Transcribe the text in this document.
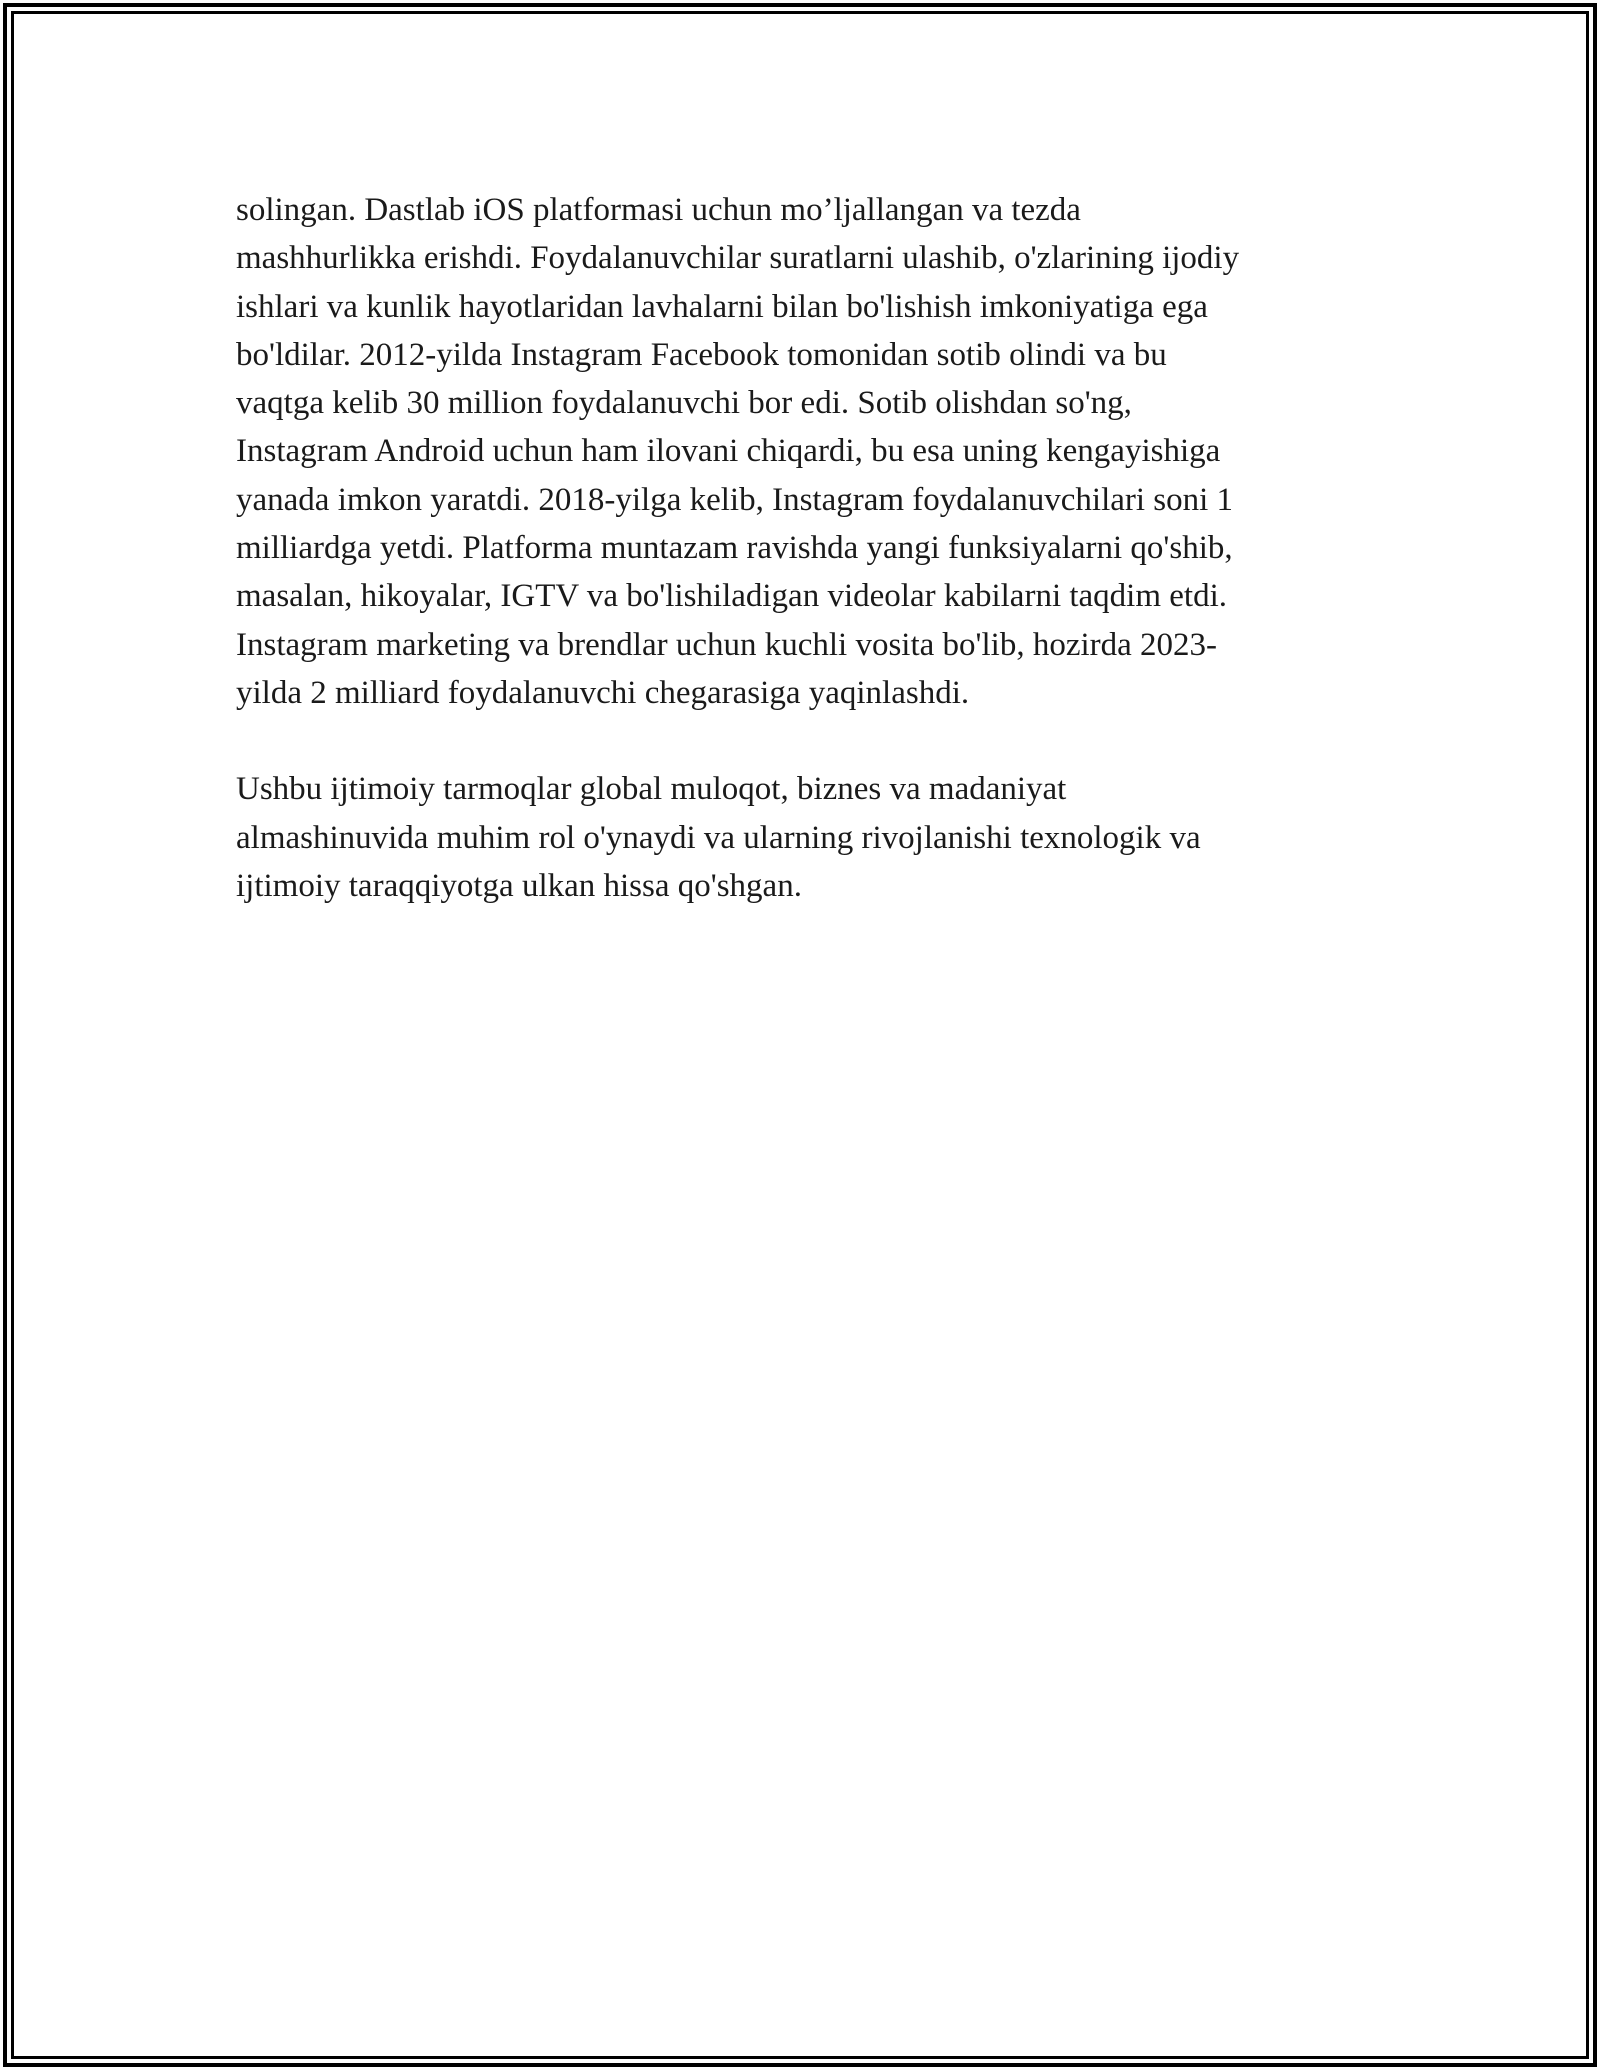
solingan. Dastlab iOS platformasi uchun mo’ljallangan va tezda
mashhurlikka erishdi. Foydalanuvchilar suratlarni ulashib, o'zlarining ijodiy
ishlari va kunlik hayotlaridan lavhalarni bilan bo'lishish imkoniyatiga ega
bo'ldilar. 2012-yilda Instagram Facebook tomonidan sotib olindi va bu
vaqtga kelib 30 million foydalanuvchi bor edi. Sotib olishdan so'ng,
Instagram Android uchun ham ilovani chiqardi, bu esa uning kengayishiga
yanada imkon yaratdi. 2018-yilga kelib, Instagram foydalanuvchilari soni 1
milliardga yetdi. Platforma muntazam ravishda yangi funksiyalarni qo'shib,
masalan, hikoyalar, IGTV va bo'lishiladigan videolar kabilarni taqdim etdi.
Instagram marketing va brendlar uchun kuchli vosita bo'lib, hozirda 2023-
yilda 2 milliard foydalanuvchi chegarasiga yaqinlashdi.

Ushbu ijtimoiy tarmoqlar global muloqot, biznes va madaniyat
almashinuvida muhim rol o'ynaydi va ularning rivojlanishi texnologik va
ijtimoiy taraqqiyotga ulkan hissa qo'shgan.
